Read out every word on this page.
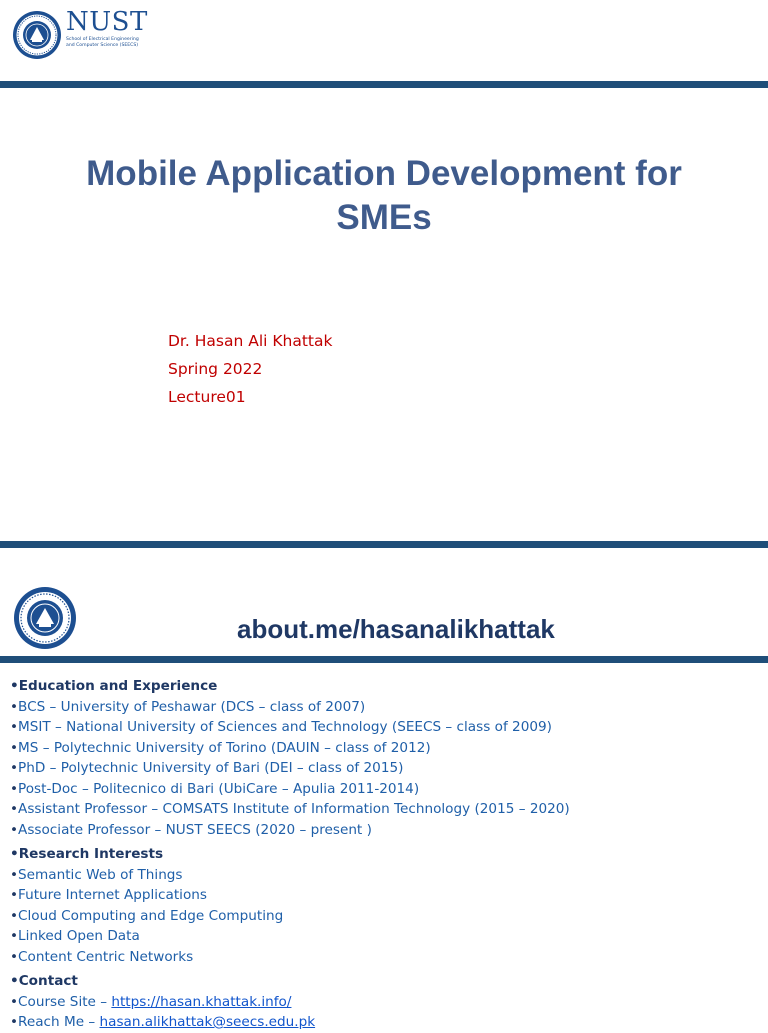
NUST
School of Electrical Engineering and Computer Science (SEECS)
Mobile Application Development for
SMEs
Dr. Hasan Ali Khattak
Spring 2022
Lecture01
about.me/hasanalikhattak
•Education and Experience
•BCS – University of Peshawar (DCS – class of 2007)
•MSIT – National University of Sciences and Technology (SEECS – class of 2009)
•MS – Polytechnic University of Torino (DAUIN – class of 2012)
•PhD – Polytechnic University of Bari (DEI – class of 2015)
•Post-Doc – Politecnico di Bari (UbiCare – Apulia 2011-2014)
•Assistant Professor – COMSATS Institute of Information Technology (2015 – 2020)
•Associate Professor – NUST SEECS (2020 – present )
•Research Interests
•Semantic Web of Things
•Future Internet Applications
•Cloud Computing and Edge Computing
•Linked Open Data
•Content Centric Networks
•Contact
•Course Site – https://hasan.khattak.info/
•Reach Me – hasan.alikhattak@seecs.edu.pk
